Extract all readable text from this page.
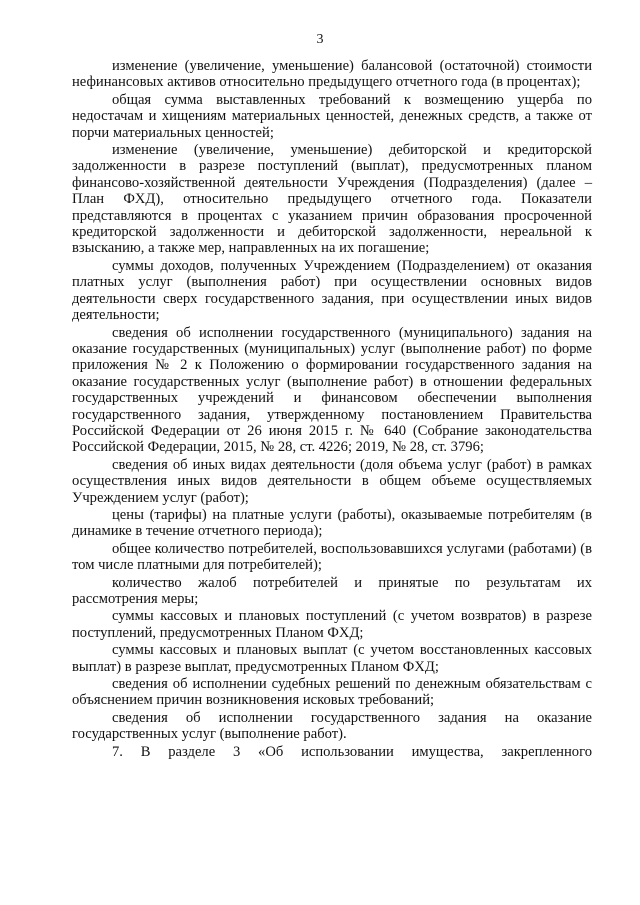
3

изменение (увеличение, уменьшение) балансовой (остаточной) стоимости нефинансовых активов относительно предыдущего отчетного года (в процентах);

общая сумма выставленных требований к возмещению ущерба по недостачам и хищениям материальных ценностей, денежных средств, а также от порчи материальных ценностей;

изменение (увеличение, уменьшение) дебиторской и кредиторской задолженности в разрезе поступлений (выплат), предусмотренных планом финансово-хозяйственной деятельности Учреждения (Подразделения) (далее – План ФХД), относительно предыдущего отчетного года. Показатели представляются в процентах с указанием причин образования просроченной кредиторской задолженности и дебиторской задолженности, нереальной к взысканию, а также мер, направленных на их погашение;

суммы доходов, полученных Учреждением (Подразделением) от оказания платных услуг (выполнения работ) при осуществлении основных видов деятельности сверх государственного задания, при осуществлении иных видов деятельности;

сведения об исполнении государственного (муниципального) задания на оказание государственных (муниципальных) услуг (выполнение работ) по форме приложения № 2 к Положению о формировании государственного задания на оказание государственных услуг (выполнение работ) в отношении федеральных государственных учреждений и финансовом обеспечении выполнения государственного задания, утвержденному постановлением Правительства Российской Федерации от 26 июня 2015 г. № 640 (Собрание законодательства Российской Федерации, 2015, № 28, ст. 4226; 2019, № 28, ст. 3796;

сведения об иных видах деятельности (доля объема услуг (работ) в рамках осуществления иных видов деятельности в общем объеме осуществляемых Учреждением услуг (работ);

цены (тарифы) на платные услуги (работы), оказываемые потребителям (в динамике в течение отчетного периода);

общее количество потребителей, воспользовавшихся услугами (работами) (в том числе платными для потребителей);

количество жалоб потребителей и принятые по результатам их рассмотрения меры;

суммы кассовых и плановых поступлений (с учетом возвратов) в разрезе поступлений, предусмотренных Планом ФХД;

суммы кассовых и плановых выплат (с учетом восстановленных кассовых выплат) в разрезе выплат, предусмотренных Планом ФХД;

сведения об исполнении судебных решений по денежным обязательствам с объяснением причин возникновения исковых требований;

сведения об исполнении государственного задания на оказание государственных услуг (выполнение работ).

7. В разделе 3 «Об использовании имущества, закрепленного
